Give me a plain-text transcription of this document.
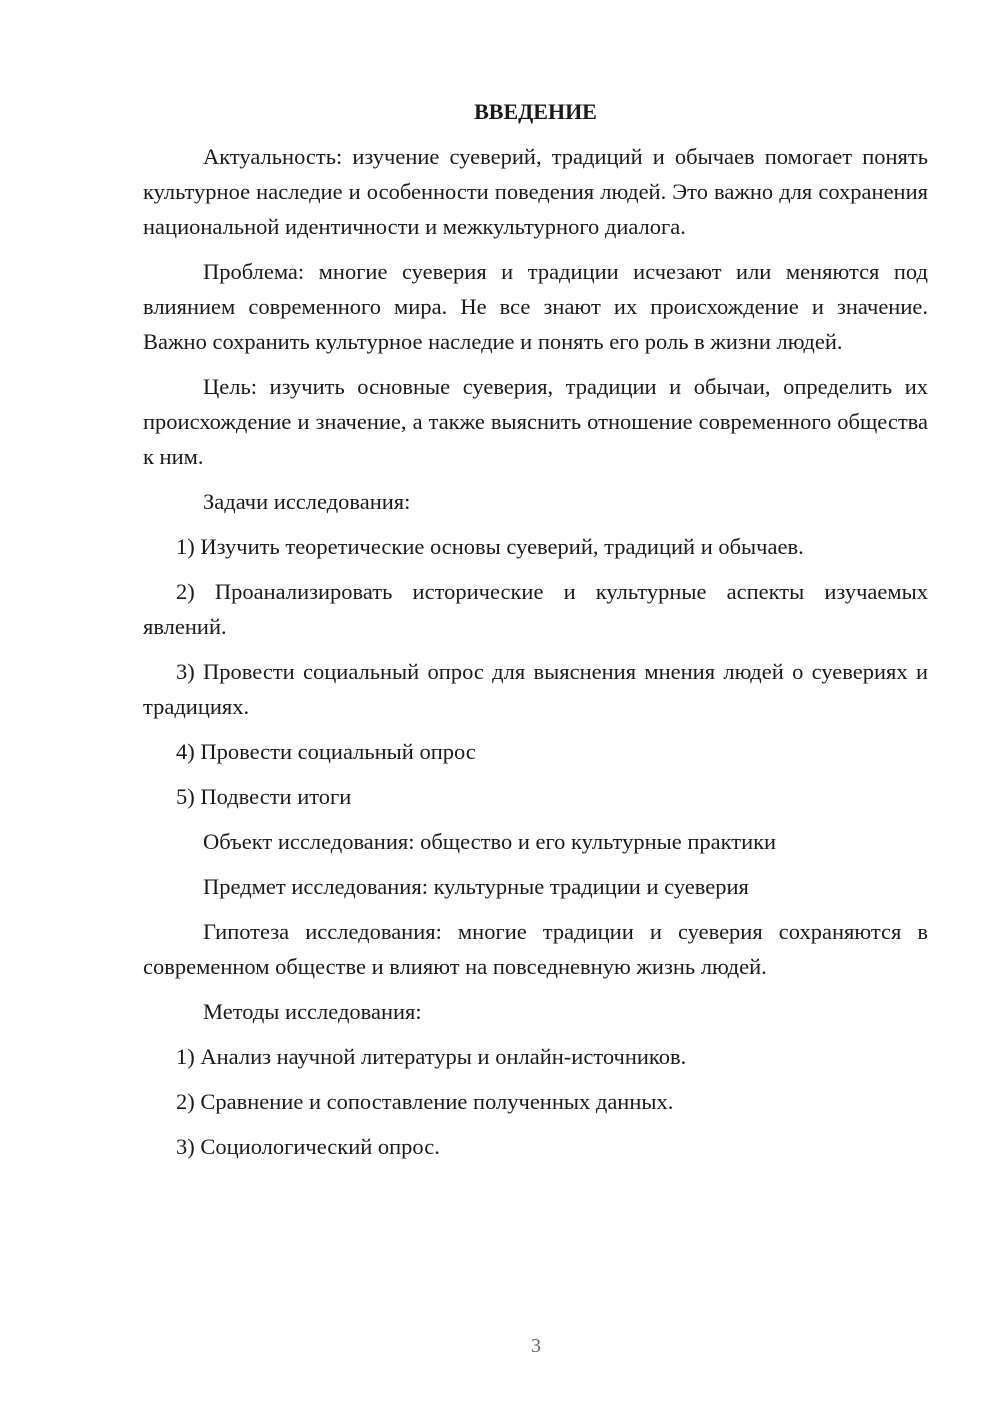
ВВЕДЕНИЕ

Актуальность: изучение суеверий, традиций и обычаев помогает понять культурное наследие и особенности поведения людей. Это важно для сохранения национальной идентичности и межкультурного диалога.

Проблема: многие суеверия и традиции исчезают или меняются под влиянием современного мира. Не все знают их происхождение и значение. Важно сохранить культурное наследие и понять его роль в жизни людей.

Цель: изучить основные суеверия, традиции и обычаи, определить их происхождение и значение, а также выяснить отношение современного общества к ним.

Задачи исследования:

1) Изучить теоретические основы суеверий, традиций и обычаев.

2) Проанализировать исторические и культурные аспекты изучаемых явлений.

3) Провести социальный опрос для выяснения мнения людей о суевериях и традициях.

4) Провести социальный опрос

5) Подвести итоги

Объект исследования: общество и его культурные практики

Предмет исследования: культурные традиции и суеверия

Гипотеза исследования: многие традиции и суеверия сохраняются в современном обществе и влияют на повседневную жизнь людей.

Методы исследования:

1) Анализ научной литературы и онлайн-источников.

2) Сравнение и сопоставление полученных данных.

3) Социологический опрос.

3
